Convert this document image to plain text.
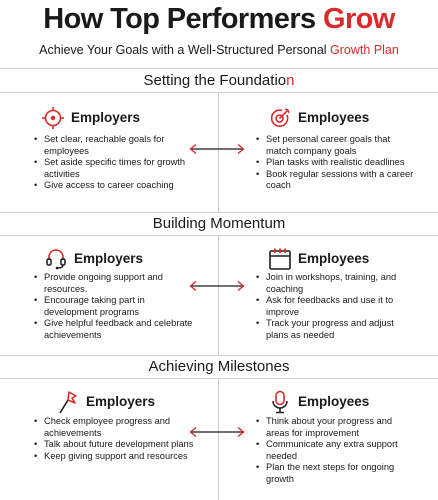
How Top Performers Grow
Achieve Your Goals with a Well-Structured Personal Growth Plan
Setting the Foundation
Employers
• Set clear, reachable goals for employees
• Set aside specific times for growth activities
• Give access to career coaching
Employees
• Set personal career goals that match company goals
• Plan tasks with realistic deadlines
• Book regular sessions with a career coach
Building Momentum
Employers
• Provide ongoing support and resources.
• Encourage taking part in development programs
• Give helpful feedback and celebrate achievements
Employees
• Join in workshops, training, and coaching
• Ask for feedbacks and use it to improve
• Track your progress and adjust plans as needed
Achieving Milestones
Employers
• Check employee progress and achievements
• Talk about future development plans
• Keep giving support and resources
Employees
• Think about your progress and areas for improvement
• Communicate any extra support needed
• Plan the next steps for ongoing growth
